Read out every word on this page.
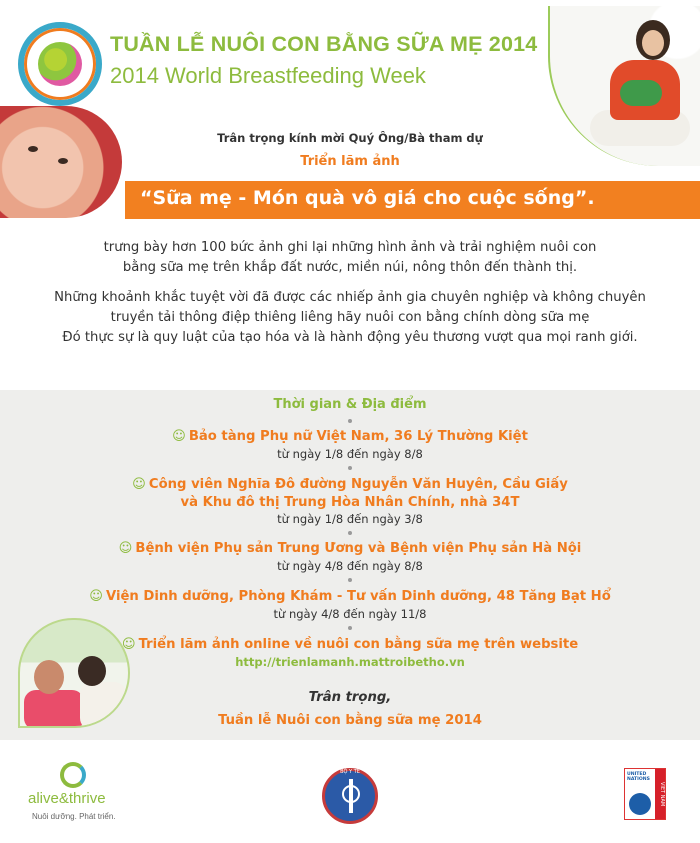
TUẦN LỄ NUÔI CON BẰNG SỮA MẸ 2014
2014 World Breastfeeding Week
Trân trọng kính mời Quý Ông/Bà tham dự
Triển lãm ảnh
“Sữa mẹ - Món quà vô giá cho cuộc sống”.
trưng bày hơn 100 bức ảnh ghi lại những hình ảnh và trải nghiệm nuôi con
bằng sữa mẹ trên khắp đất nước, miền núi, nông thôn đến thành thị.
Những khoảnh khắc tuyệt vời đã được các nhiếp ảnh gia chuyên nghiệp và không chuyên
truyền tải thông điệp thiêng liêng hãy nuôi con bằng chính dòng sữa mẹ
Đó thực sự là quy luật của tạo hóa và là hành động yêu thương vượt qua mọi ranh giới.
Thời gian & Địa điểm
☺ Bảo tàng Phụ nữ Việt Nam, 36 Lý Thường Kiệt
từ ngày 1/8 đến ngày 8/8
☺ Công viên Nghĩa Đô đường Nguyễn Văn Huyên, Cầu Giấy
và Khu đô thị Trung Hòa Nhân Chính, nhà 34T
từ ngày 1/8 đến ngày 3/8
☺ Bệnh viện Phụ sản Trung Ương và Bệnh viện Phụ sản Hà Nội
từ ngày 4/8 đến ngày 8/8
☺ Viện Dinh dưỡng, Phòng Khám - Tư vấn Dinh dưỡng, 48 Tăng Bạt Hổ
từ ngày 4/8 đến ngày 11/8
☺ Triển lãm ảnh online về nuôi con bằng sữa mẹ trên website
http://trienlamanh.mattroibetho.vn
Trân trọng,
Tuần lễ Nuôi con bằng sữa mẹ 2014
alive&thrive
Nuôi dưỡng. Phát triển.
BỘ Y TẾ	UNITED NATIONS
VIET NAM
